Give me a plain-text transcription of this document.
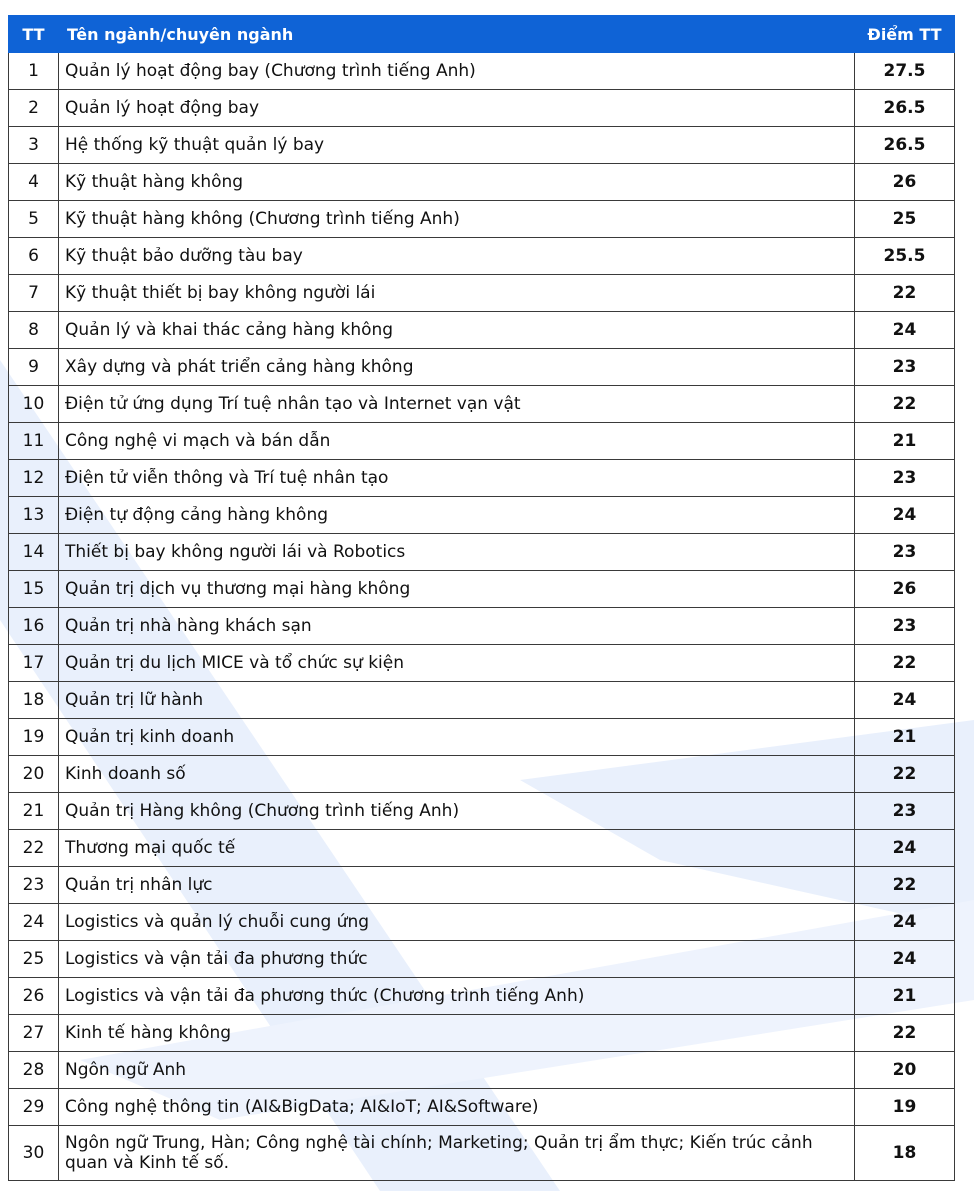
TT	Tên ngành/chuyên ngành	Điểm TT
1	Quản lý hoạt động bay (Chương trình tiếng Anh)	27.5
2	Quản lý hoạt động bay	26.5
3	Hệ thống kỹ thuật quản lý bay	26.5
4	Kỹ thuật hàng không	26
5	Kỹ thuật hàng không (Chương trình tiếng Anh)	25
6	Kỹ thuật bảo dưỡng tàu bay	25.5
7	Kỹ thuật thiết bị bay không người lái	22
8	Quản lý và khai thác cảng hàng không	24
9	Xây dựng và phát triển cảng hàng không	23
10	Điện tử ứng dụng Trí tuệ nhân tạo và Internet vạn vật	22
11	Công nghệ vi mạch và bán dẫn	21
12	Điện tử viễn thông và Trí tuệ nhân tạo	23
13	Điện tự động cảng hàng không	24
14	Thiết bị bay không người lái và Robotics	23
15	Quản trị dịch vụ thương mại hàng không	26
16	Quản trị nhà hàng khách sạn	23
17	Quản trị du lịch MICE và tổ chức sự kiện	22
18	Quản trị lữ hành	24
19	Quản trị kinh doanh	21
20	Kinh doanh số	22
21	Quản trị Hàng không (Chương trình tiếng Anh)	23
22	Thương mại quốc tế	24
23	Quản trị nhân lực	22
24	Logistics và quản lý chuỗi cung ứng	24
25	Logistics và vận tải đa phương thức	24
26	Logistics và vận tải đa phương thức (Chương trình tiếng Anh)	21
27	Kinh tế hàng không	22
28	Ngôn ngữ Anh	20
29	Công nghệ thông tin (AI&BigData; AI&IoT; AI&Software)	19
30	Ngôn ngữ Trung, Hàn; Công nghệ tài chính; Marketing; Quản trị ẩm thực; Kiến trúc cảnh quan và Kinh tế số.	18
